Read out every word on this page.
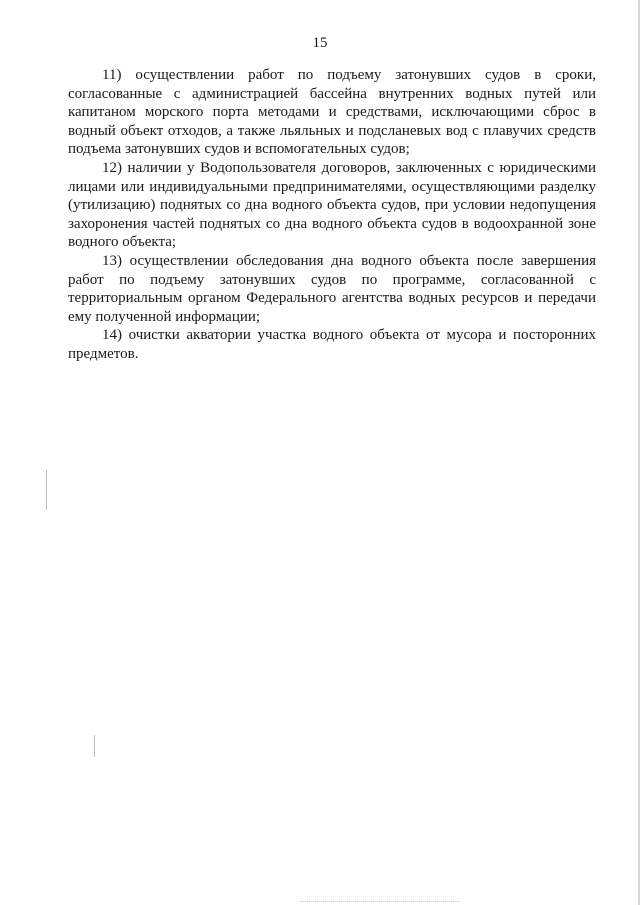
15

11) осуществлении работ по подъему затонувших судов в сроки, согласованные с администрацией бассейна внутренних водных путей или капитаном морского порта методами и средствами, исключающими сброс в водный объект отходов, а также льяльных и подсланевых вод с плавучих средств подъема затонувших судов и вспомогательных судов;

12) наличии у Водопользователя договоров, заключенных с юридическими лицами или индивидуальными предпринимателями, осуществляющими разделку (утилизацию) поднятых со дна водного объекта судов, при условии недопущения захоронения частей поднятых со дна водного объекта судов в водоохранной зоне водного объекта;

13) осуществлении обследования дна водного объекта после завершения работ по подъему затонувших судов по программе, согласованной с территориальным органом Федерального агентства водных ресурсов и передачи ему полученной информации;

14) очистки акватории участка водного объекта от мусора и посторонних предметов.
